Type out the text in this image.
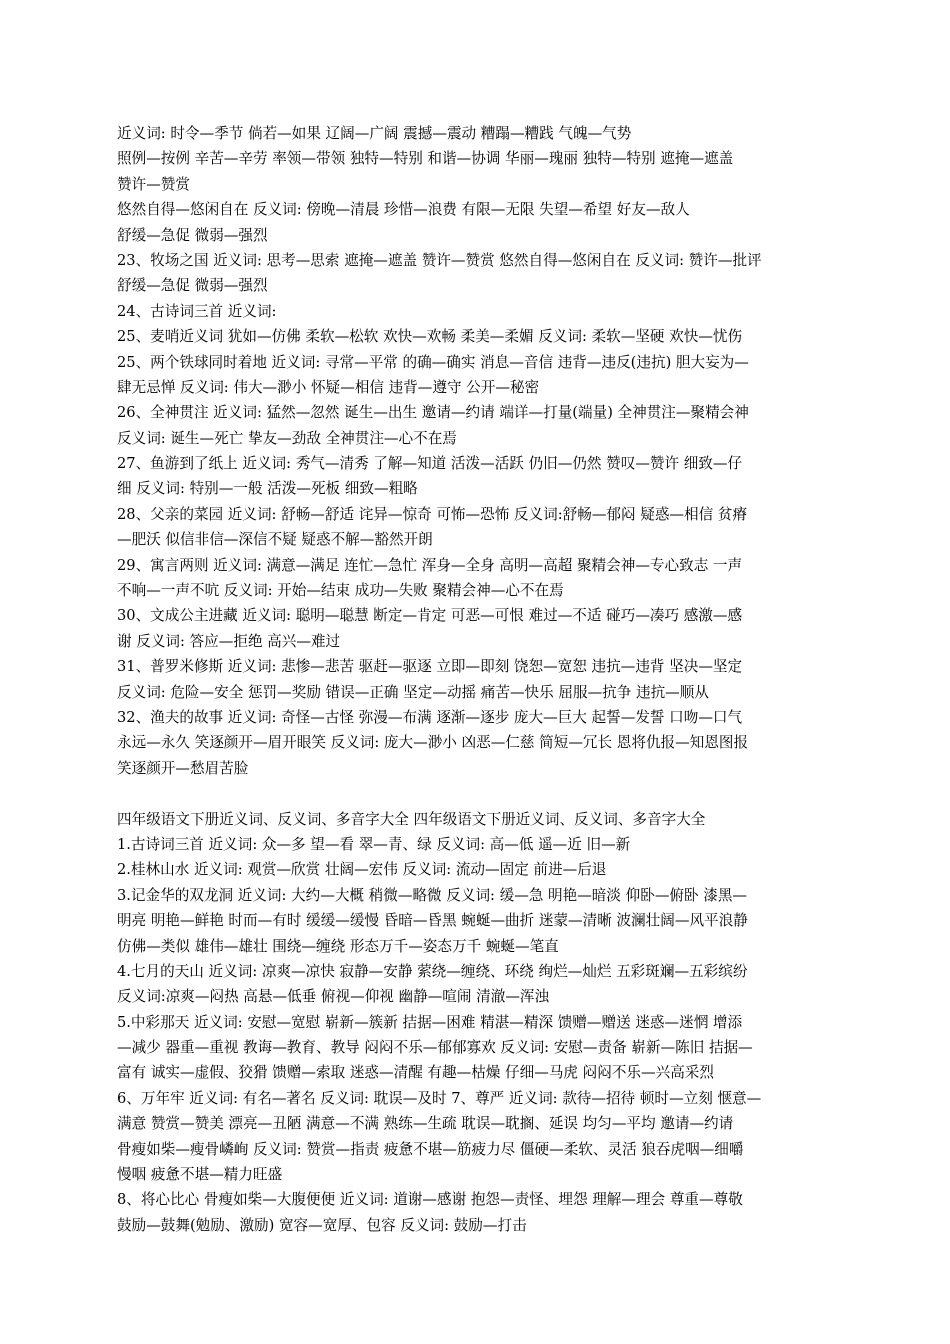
近义词: 时令—季节 倘若—如果 辽阔—广阔 震撼—震动 糟蹋—糟践 气魄—气势
照例—按例 辛苦—辛劳 率领—带领 独特—特别 和谐—协调 华丽—瑰丽 独特—特别 遮掩—遮盖
赞许—赞赏
悠然自得—悠闲自在 反义词: 傍晚—清晨 珍惜—浪费 有限—无限 失望—希望 好友—敌人
舒缓—急促 微弱—强烈
23、牧场之国 近义词: 思考—思索 遮掩—遮盖 赞许—赞赏 悠然自得—悠闲自在 反义词: 赞许—批评
舒缓—急促 微弱—强烈
24、古诗词三首 近义词:
25、麦哨近义词 犹如—仿佛 柔软—松软 欢快—欢畅 柔美—柔媚 反义词: 柔软—坚硬 欢快—忧伤
25、两个铁球同时着地 近义词: 寻常—平常 的确—确实 消息—音信 违背—违反(违抗) 胆大妄为—
肆无忌惮 反义词: 伟大—渺小 怀疑—相信 违背—遵守 公开—秘密
26、全神贯注 近义词: 猛然—忽然 诞生—出生 邀请—约请 端详—打量(端量) 全神贯注—聚精会神
反义词: 诞生—死亡 挚友—劲敌 全神贯注—心不在焉
27、鱼游到了纸上 近义词: 秀气—清秀 了解—知道 活泼—活跃 仍旧—仍然 赞叹—赞许 细致—仔
细 反义词: 特别—一般 活泼—死板 细致—粗略
28、父亲的菜园 近义词: 舒畅—舒适 诧异—惊奇 可怖—恐怖 反义词:舒畅—郁闷 疑惑—相信 贫瘠
—肥沃 似信非信—深信不疑 疑惑不解—豁然开朗
29、寓言两则 近义词: 满意—满足 连忙—急忙 浑身—全身 高明—高超 聚精会神—专心致志 一声
不响—一声不吭 反义词: 开始—结束 成功—失败 聚精会神—心不在焉
30、文成公主进藏 近义词: 聪明—聪慧 断定—肯定 可恶—可恨 难过—不适 碰巧—凑巧 感激—感
谢 反义词: 答应—拒绝 高兴—难过
31、普罗米修斯 近义词: 悲惨—悲苦 驱赶—驱逐 立即—即刻 饶恕—宽恕 违抗—违背 坚决—坚定
反义词: 危险—安全 惩罚—奖励 错误—正确 坚定—动摇 痛苦—快乐 屈服—抗争 违抗—顺从
32、渔夫的故事 近义词: 奇怪—古怪 弥漫—布满 逐渐—逐步 庞大—巨大 起誓—发誓 口吻—口气
永远—永久 笑逐颜开—眉开眼笑 反义词: 庞大—渺小 凶恶—仁慈 简短—冗长 恩将仇报—知恩图报
笑逐颜开—愁眉苦脸
四年级语文下册近义词、反义词、多音字大全 四年级语文下册近义词、反义词、多音字大全
1.古诗词三首 近义词: 众—多 望—看 翠—青、绿 反义词: 高—低 遥—近 旧—新
2.桂林山水 近义词: 观赏—欣赏 壮阔—宏伟 反义词: 流动—固定 前进—后退
3.记金华的双龙洞 近义词: 大约—大概 稍微—略微 反义词: 缓—急 明艳—暗淡 仰卧—俯卧 漆黑—
明亮 明艳—鲜艳 时而—有时 缓缓—缓慢 昏暗—昏黑 蜿蜒—曲折 迷蒙—清晰 波澜壮阔—风平浪静
仿佛—类似 雄伟—雄壮 围绕—缠绕 形态万千—姿态万千 蜿蜒—笔直
4.七月的天山 近义词: 凉爽—凉快 寂静—安静 萦绕—缠绕、环绕 绚烂—灿烂 五彩斑斓—五彩缤纷
反义词:凉爽—闷热 高悬—低垂 俯视—仰视 幽静—喧闹 清澈—浑浊
5.中彩那天 近义词: 安慰—宽慰 崭新—簇新 拮据—困难 精湛—精深 馈赠—赠送 迷惑—迷惘 增添
—减少 器重—重视 教诲—教育、教导 闷闷不乐—郁郁寡欢 反义词: 安慰—责备 崭新—陈旧 拮据—
富有 诚实—虚假、狡猾 馈赠—索取 迷惑—清醒 有趣—枯燥 仔细—马虎 闷闷不乐—兴高采烈
6、万年牢 近义词: 有名—著名 反义词: 耽误—及时 7、尊严 近义词: 款待—招待 顿时—立刻 惬意—
满意 赞赏—赞美 漂亮—丑陋 满意—不满 熟练—生疏 耽误—耽搁、延误 均匀—平均 邀请—约请
骨瘦如柴—瘦骨嶙峋 反义词: 赞赏—指责 疲惫不堪—筋疲力尽 僵硬—柔软、灵活 狼吞虎咽—细嚼
慢咽 疲惫不堪—精力旺盛
8、将心比心 骨瘦如柴—大腹便便 近义词: 道谢—感谢 抱怨—责怪、埋怨 理解—理会 尊重—尊敬
鼓励—鼓舞(勉励、激励) 宽容—宽厚、包容 反义词: 鼓励—打击
